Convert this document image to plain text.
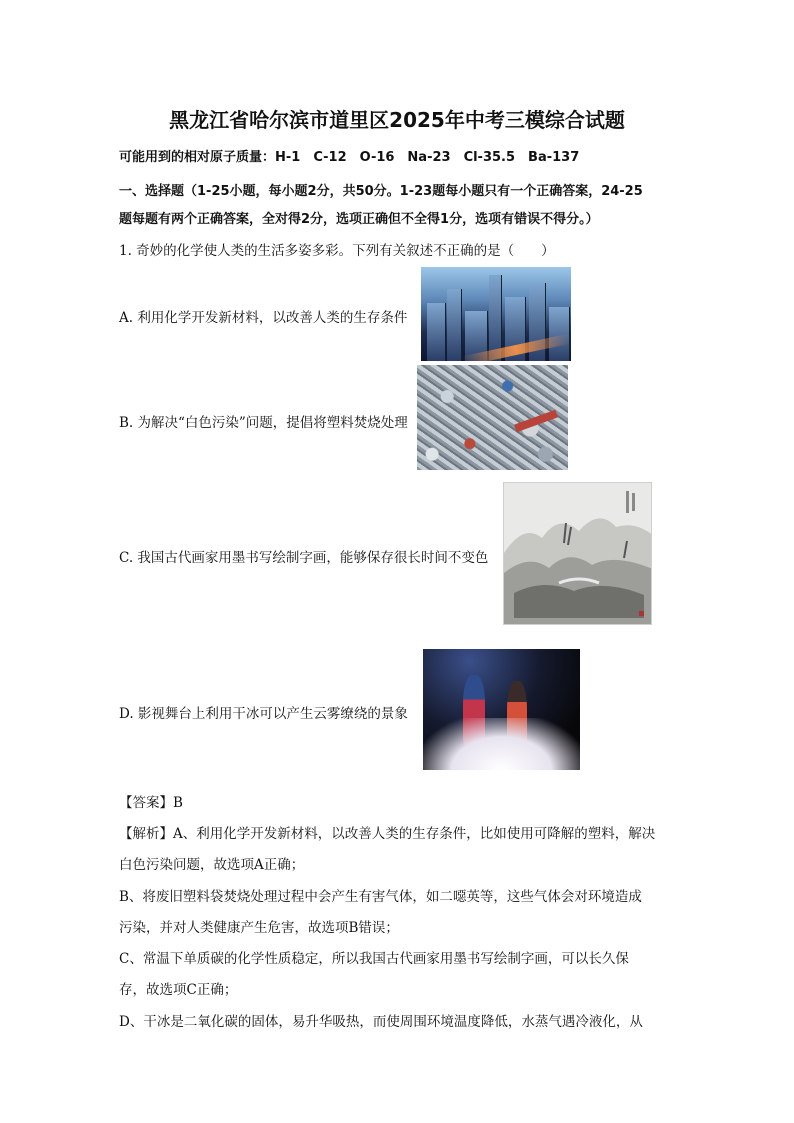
黑龙江省哈尔滨市道里区2025年中考三模综合试题
可能用到的相对原子质量：H-1　C-12　O-16　Na-23　Cl-35.5　Ba-137
一、选择题（1-25小题，每小题2分，共50分。1-23题每小题只有一个正确答案，24-25
题每题有两个正确答案，全对得2分，选项正确但不全得1分，选项有错误不得分。）
1. 奇妙的化学使人类的生活多姿多彩。下列有关叙述不正确的是（　　）
A. 利用化学开发新材料，以改善人类的生存条件
B. 为解决“白色污染”问题，提倡将塑料焚烧处理
C. 我国古代画家用墨书写绘制字画，能够保存很长时间不变色
D. 影视舞台上利用干冰可以产生云雾缭绕的景象
【答案】B
【解析】A、利用化学开发新材料，以改善人类的生存条件，比如使用可降解的塑料，解决
白色污染问题，故选项A正确；
B、将废旧塑料袋焚烧处理过程中会产生有害气体，如二噁英等，这些气体会对环境造成
污染，并对人类健康产生危害，故选项B错误；
C、常温下单质碳的化学性质稳定，所以我国古代画家用墨书写绘制字画，可以长久保
存，故选项C正确；
D、干冰是二氧化碳的固体，易升华吸热，而使周围环境温度降低，水蒸气遇冷液化，从
